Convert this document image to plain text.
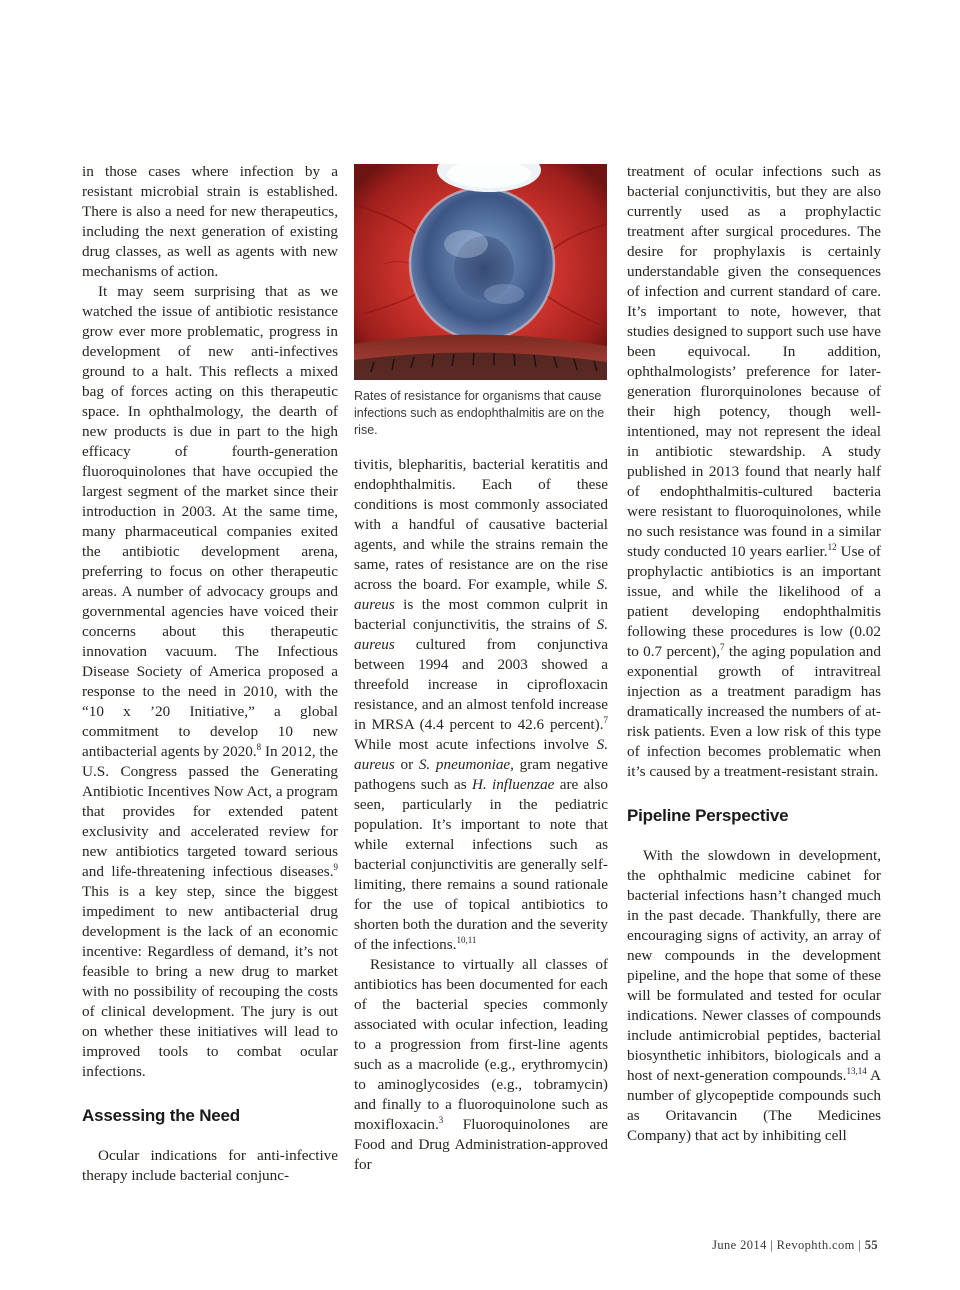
in those cases where infection by a resistant microbial strain is established. There is also a need for new therapeutics, including the next generation of existing drug classes, as well as agents with new mechanisms of action.

It may seem surprising that as we watched the issue of antibiotic resistance grow ever more problematic, progress in development of new anti-infectives ground to a halt. This reflects a mixed bag of forces acting on this therapeutic space. In ophthalmology, the dearth of new products is due in part to the high efficacy of fourth-generation fluoroquinolones that have occupied the largest segment of the market since their introduction in 2003. At the same time, many pharmaceutical companies exited the antibiotic development arena, preferring to focus on other therapeutic areas. A number of advocacy groups and governmental agencies have voiced their concerns about this therapeutic innovation vacuum. The Infectious Disease Society of America proposed a response to the need in 2010, with the “10 x ’20 Initiative,” a global commitment to develop 10 new antibacterial agents by 2020.$^8$ In 2012, the U.S. Congress passed the Generating Antibiotic Incentives Now Act, a program that provides for extended patent exclusivity and accelerated review for new antibiotics targeted toward serious and life-threatening infectious diseases.$^9$ This is a key step, since the biggest impediment to new antibacterial drug development is the lack of an economic incentive: Regardless of demand, it’s not feasible to bring a new drug to market with no possibility of recouping the costs of clinical development. The jury is out on whether these initiatives will lead to improved tools to combat ocular infections.

Assessing the Need

Ocular indications for anti-infective therapy include bacterial conjunc-

Rates of resistance for organisms that cause infections such as endophthalmitis are on the rise.

tivitis, blepharitis, bacterial keratitis and endophthalmitis. Each of these conditions is most commonly associated with a handful of causative bacterial agents, and while the strains remain the same, rates of resistance are on the rise across the board. For example, while S. aureus is the most common culprit in bacterial conjunctivitis, the strains of S. aureus cultured from conjunctiva between 1994 and 2003 showed a threefold increase in ciprofloxacin resistance, and an almost tenfold increase in MRSA (4.4 percent to 42.6 percent).$^7$ While most acute infections involve S. aureus or S. pneumoniae, gram negative pathogens such as H. influenzae are also seen, particularly in the pediatric population. It’s important to note that while external infections such as bacterial conjunctivitis are generally self-limiting, there remains a sound rationale for the use of topical antibiotics to shorten both the duration and the severity of the infections.$^{10,11}$

Resistance to virtually all classes of antibiotics has been documented for each of the bacterial species commonly associated with ocular infection, leading to a progression from first-line agents such as a macrolide (e.g., erythromycin) to aminoglycosides (e.g., tobramycin) and finally to a fluoroquinolone such as moxifloxacin.$^3$ Fluoroquinolones are Food and Drug Administration-approved for

treatment of ocular infections such as bacterial conjunctivitis, but they are also currently used as a prophylactic treatment after surgical procedures. The desire for prophylaxis is certainly understandable given the consequences of infection and current standard of care. It’s important to note, however, that studies designed to support such use have been equivocal. In addition, ophthalmologists’ preference for later-generation flurorquinolones because of their high potency, though well-intentioned, may not represent the ideal in antibiotic stewardship. A study published in 2013 found that nearly half of endophthalmitis-cultured bacteria were resistant to fluoroquinolones, while no such resistance was found in a similar study conducted 10 years earlier.$^{12}$ Use of prophylactic antibiotics is an important issue, and while the likelihood of a patient developing endophthalmitis following these procedures is low (0.02 to 0.7 percent),$^7$ the aging population and exponential growth of intravitreal injection as a treatment paradigm has dramatically increased the numbers of at-risk patients. Even a low risk of this type of infection becomes problematic when it’s caused by a treatment-resistant strain.

Pipeline Perspective

With the slowdown in development, the ophthalmic medicine cabinet for bacterial infections hasn’t changed much in the past decade. Thankfully, there are encouraging signs of activity, an array of new compounds in the development pipeline, and the hope that some of these will be formulated and tested for ocular indications. Newer classes of compounds include antimicrobial peptides, bacterial biosynthetic inhibitors, biologicals and a host of next-generation compounds.$^{13,14}$ A number of glycopeptide compounds such as Oritavancin (The Medicines Company) that act by inhibiting cell

June 2014 | Revophth.com | 55
